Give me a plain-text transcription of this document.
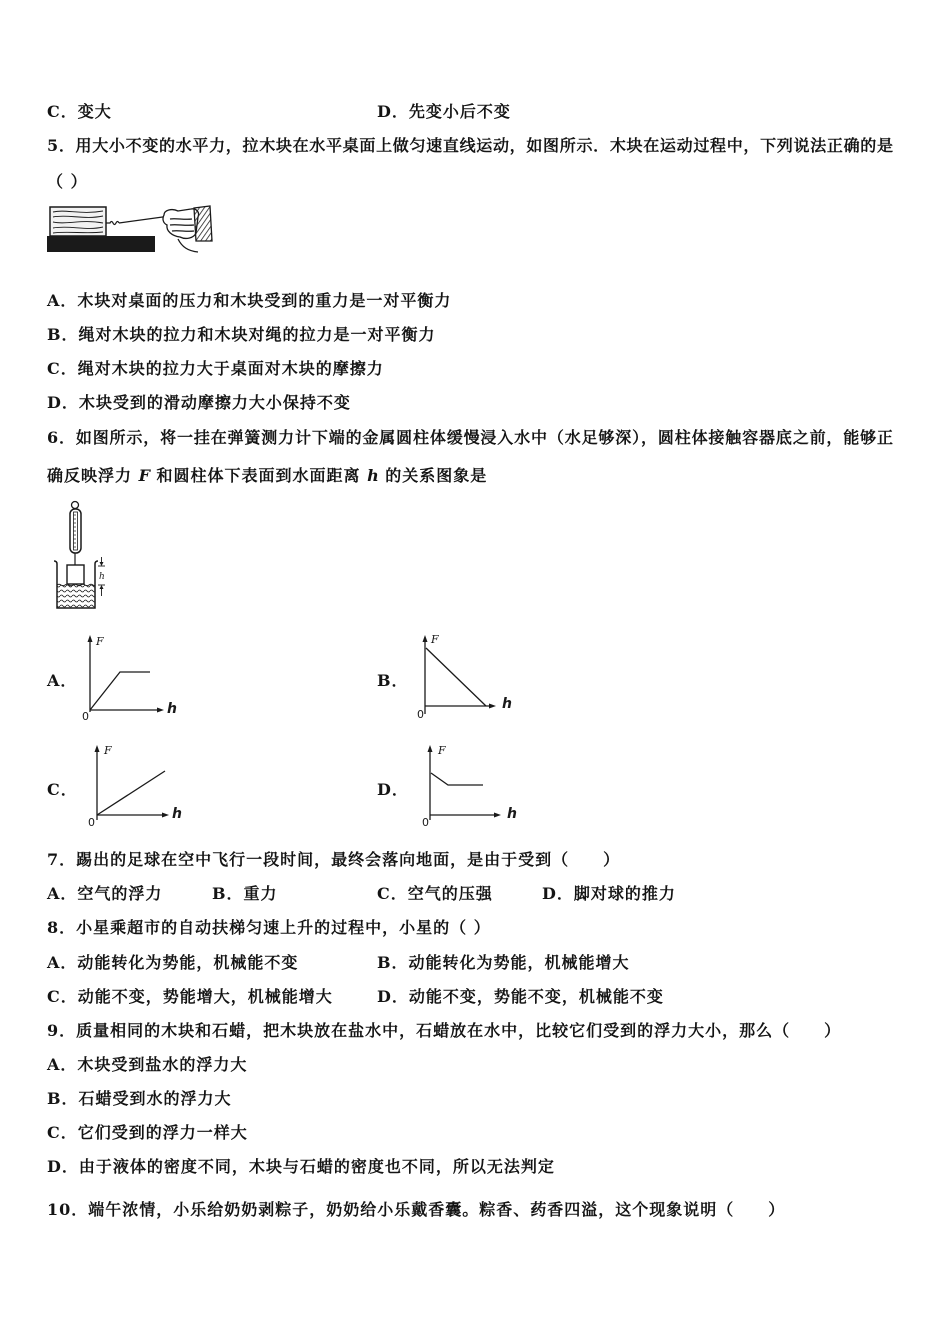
C．变大	D．先变小后不变
5．用大小不变的水平力，拉木块在水平桌面上做匀速直线运动，如图所示．木块在运动过程中，下列说法正确的是
（ ）
A．木块对桌面的压力和木块受到的重力是一对平衡力
B．绳对木块的拉力和木块对绳的拉力是一对平衡力
C．绳对木块的拉力大于桌面对木块的摩擦力
D．木块受到的滑动摩擦力大小保持不变
6．如图所示，将一挂在弹簧测力计下端的金属圆柱体缓慢浸入水中（水足够深），圆柱体接触容器底之前，能够正
确反映浮力 F 和圆柱体下表面到水面距离 h 的关系图象是
h
A．
F
0	h
B．
F
0
h
C．
F
0
h
D．
F
0
h
7．踢出的足球在空中飞行一段时间，最终会落向地面，是由于受到（　　）
A．空气的浮力	B．重力	C．空气的压强	D．脚对球的推力
8．小星乘超市的自动扶梯匀速上升的过程中，小星的（ ）
A．动能转化为势能，机械能不变	B．动能转化为势能，机械能增大
C．动能不变，势能增大，机械能增大	D．动能不变，势能不变，机械能不变
9．质量相同的木块和石蜡，把木块放在盐水中，石蜡放在水中，比较它们受到的浮力大小，那么（　　）
A．木块受到盐水的浮力大
B．石蜡受到水的浮力大
C．它们受到的浮力一样大
D．由于液体的密度不同，木块与石蜡的密度也不同，所以无法判定
10．端午浓情，小乐给奶奶剥粽子，奶奶给小乐戴香囊。粽香、药香四溢，这个现象说明（　　）
